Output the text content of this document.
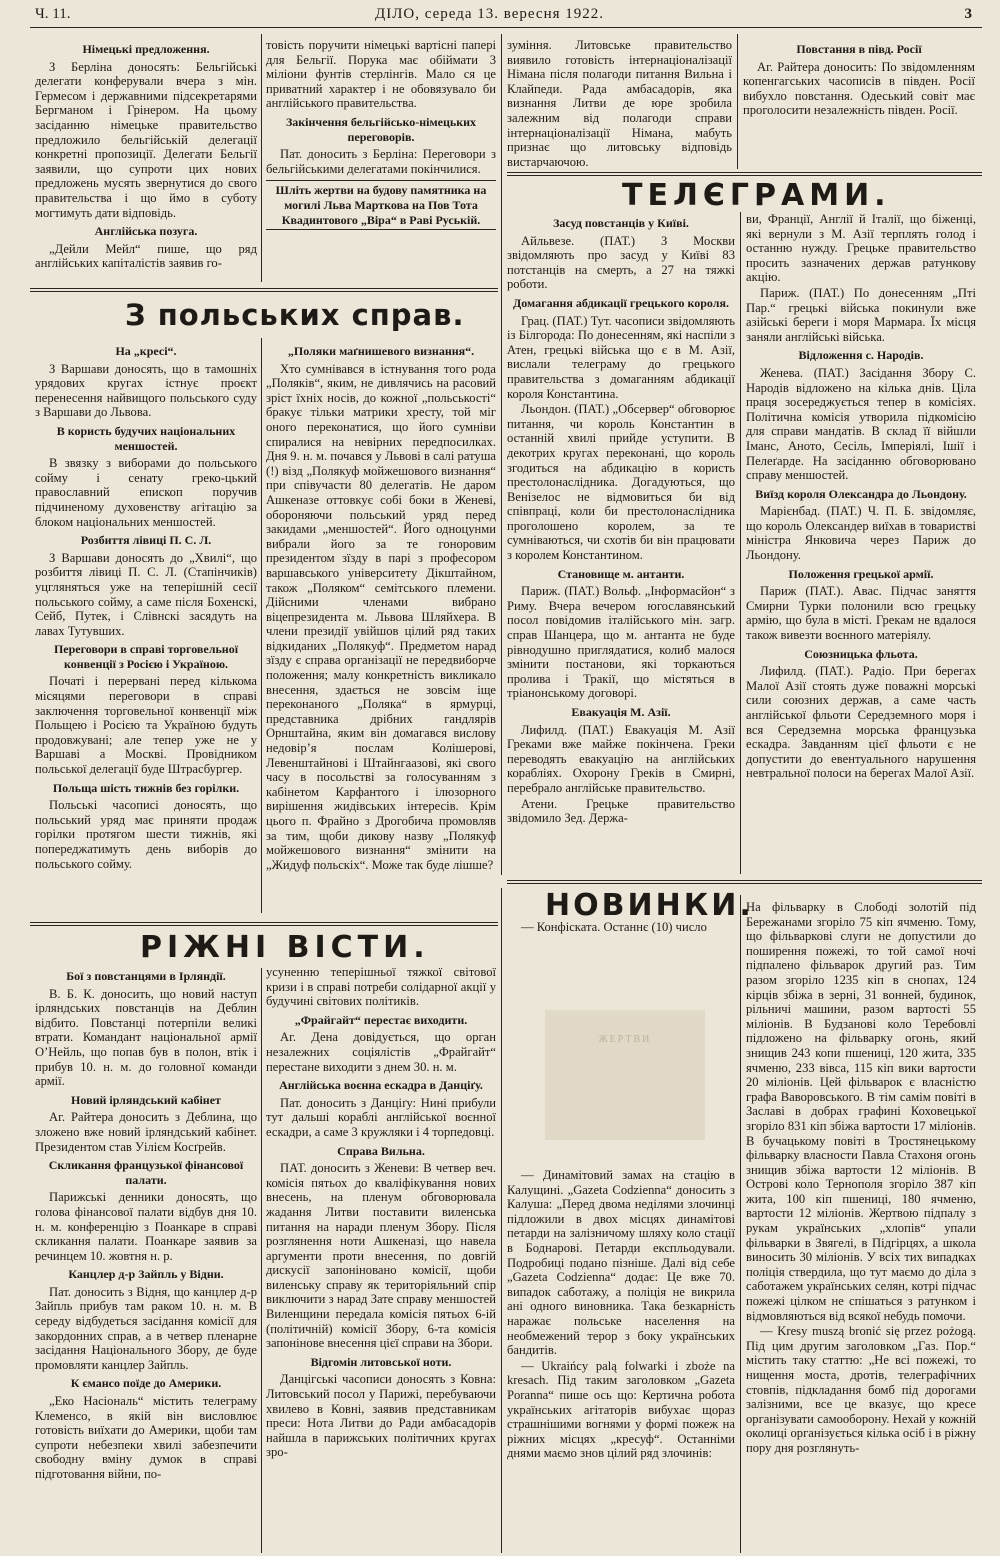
Ч. 11.	ДІЛО, середа 13. вересня 1922.	3
Німецькі предложення.

З Берліна доносять: Бельгійські делегати конферували вчера з мін. Гермесом і державними підсекретарями Бергманом і Грінером. На цьому засіданню німецьке правительство предложило бельгійській делегації конкретні пропозиції. Делегати Бельгії заявили, що супроти цих нових предложень мусять звернутися до свого правительства і що ймо в суботу могтимуть дати відповідь.

Англійська позуга.

„Дейли Мейл“ пише, що ряд англійських капіталістів заявив го-

товість поручити німецькі вартісні папері для Бельгії. Порука має обіймати 3 міліони фунтів стерлінгів. Мало ся це приватний характер і не обовязувало би англійського правительства.

Закінчення бельгійсько-німецьких переговорів.

Пат. доносить з Берліна: Переговори з бельгійськими делегатами покінчилися.

Шліть жертви на будову памятника на могилі Льва Марткова на Пов Тота Квадинтового „Віра“ в Раві Руській.

зуміння. Литовське правительство виявило готовість інтернаціоналізації Німана після полагоди питання Вильна і Клайпеди. Рада амбасадорів, яка визнання Литви де юре зробила залежним від полагоди справи інтернаціоналізації Німана, мабуть признає що литовську відповідь вистарчаючою.

Повстання в півд. Росії

Аг. Райтера доносить: По звідомленням копенгагських часописів в півден. Росії вибухло повстання. Одеський совіт має проголосити незалежність півден. Росії.

З польських справ.
На „кресі“.

З Варшави доносять, що в тамошніх урядових кругах істнує проєкт перенесення найвищого польського суду з Варшави до Львова.

В користь будучих національних меншостей.

В звязку з виборами до польського сойму і сенату греко-цький православний епископ поручив підчиненому духовенству агітацію за блоком національних меншостей.

Розбиття лівиці П. С. Л.

З Варшави доносять до „Хвилі“, що розбиття лівиці П. С. Л. (Стапінчиків) уцгляняться уже на теперішній сесії польського сойму, а саме після Бохенскі, Сейб, Путек, і Слівнскі засядуть на лавах Тутувших.

Переговори в справі торговельної конвенції з Росією і Україною.

Початі і перервані перед кількома місяцями переговори в справі заключення торговельної конвенції між Польщею і Росією та Україною будуть продовжувані; але тепер уже не у Варшаві а Москві. Провідником польської делегації буде Штрасбургер.

Польща шість тижнів без горілки.

Польські часописі доносять, що польський уряд має приняти продаж горілки протягом шести тижнів, які попереджатимуть день виборів до польського сойму.

„Поляки маґнишевого визнання“.

Хто сумнівався в істнування того рода „Поляків“, яким, не дивлячись на расовий зріст їхніх носів, до кожної „польськості“ бракує тільки матрики хресту, той міг оного переконатися, що його сумніви спиралися на невірних передпосилках. Дня 9. н. м. почався у Львові в салі ратуша (!) візд „Полякуф мойжешового визнання“ при співучасти 80 делегатів. Не даром Ашкеназе оттовкує собі боки в Женеві, обороняючи польський уряд перед закидами „меншостей“. Його одноцунми вибрали його за те гоноровим президентом зїзду в парі з професором варшавського університету Дікштайном, також „Поляком“ семітського племени. Дійсними членами вибрано віцепрезидента м. Львова Шляйхера. В члени президії увійшов цілий ряд таких відкиданих „Полякуф“. Предметом нарад зїзду є справа організації не передвиборче положення; малу конкретність викликало внесення, здається не зовсім іще переконаного „Поляка“ в ярмурці, представника дрібних гандлярів Орнштайна, яким він домагався вислову недовір’я послам Колішерові, Левенштайнові і Штайнгаазові, які свого часу в посольстві за голосуванням з кабінетом Карфантого і ілюзорного вирішення жидівських інтересів. Крім цього п. Фрайно з Дрогобича промовляв за тим, щоби дикову назву „Полякуф мойжешового визнання“ змінити на „Жидуф польскіх“. Може так буде лішше?

ТЕЛЄГРАМИ.
Засуд повстанців у Київі.

Айльвезе. (ПАТ.) З Москви звідомляють про засуд у Київі 83 потстанців на смерть, а 27 на тяжкі роботи.

Домагання абдикації грецького короля.

Грац. (ПАТ.) Тут. часописи звідомляють із Білгорода: По донесенням, які наспіли з Атен, грецькі війська що є в М. Азії, вислали телеграму до грецького правительства з домаганням абдикації короля Константина.

Льондон. (ПАТ.) „Обсервер“ обговорює питання, чи король Константин в останній хвилі прийде уступити. В декотрих кругах переконані, що король згодиться на абдикацію в користь престолонаслідника. Догадуються, що Венізелос не відмовиться би від співпраці, коли би престолонаслідника проголошено королем, за те сумніваються, чи схотів би він працювати з королем Константином.

Становище м. антанти.

Париж. (ПАТ.) Вольф. „Інформасйон“ з Риму. Вчера вечером югославянський посол повідомив італійського мін. загр. справ Шанцера, що м. антанта не буде рівнодушно приглядатися, колиб малося змінити постанови, які торкаються пролива і Тракії, що містяться в тріанонському договорі.

Евакуація М. Азії.

Лифилд. (ПАТ.) Евакуація М. Азії Греками вже майже покінчена. Греки переводять евакуацію на англійських корабліях. Охорону Греків в Смирні, перебрало англійське правительство.

Атени. Грецьке правительство звідомило Зед. Держа-

ви, Франції, Англії й Італії, що біженці, які вернули з М. Азії терплять голод і останню нужду. Грецьке правительство просить зазначених держав ратункову акцію.

Париж. (ПАТ.) По донесенням „Пті Пар.“ грецькі війська покинули вже азійські береги і моря Мармара. Їх місця заняли англійські війська.

Відложення с. Народів.

Женева. (ПАТ.) Засідання Збору С. Народів відложено на кілька днів. Ціла праця зосереджується тепер в комісіях. Політична комісія утворила підкомісію для справи мандатів. В склад її війшли Іманс, Аното, Сесіль, Імперіялі, Ішії і Пелеґарде. На засіданню обговорювано справу меншостей.

Виїзд короля Олександра до Льондону.

Марієнбад. (ПАТ.) Ч. П. Б. звідомляє, що король Олександер виїхав в товаристві міністра Янковича через Париж до Льондону.

Положення грецької армії.

Париж (ПАТ.). Авас. Підчас заняття Смирни Турки полонили всю грецьку армію, що була в місті. Грекам не вдалося також вивезти воєнного матеріялу.

Союзницька фльота.

Лифилд. (ПАТ.). Радіо. При берегах Малої Азії стоять дуже поважні морські сили союзних держав, а саме часть англійської фльоти Середземного моря і вся Середземна морська французька ескадра. Завданням цієї фльоти є не допустити до евентуального нарушення невтральної полоси на берегах Малої Азії.

РІЖНІ ВІСТИ.
Бої з повстанцями в Ірляндії.

В. Б. К. доносить, що новий наступ ірляндських повстанців на Деблин відбито. Повстанці потерпіли великі втрати. Командант національної армії О’Нейль, що попав був в полон, втік і прибув 10. н. м. до головної команди армії.

Новий ірляндський кабінет

Аг. Райтера доносить з Деблина, що зложено вже новий ірляндський кабінет. Президентом став Уілієм Косґрейв.

Скликання французької фінансової палати.

Парижські денники доносять, що голова фінансової палати відбув дня 10. н. м. конференцію з Поанкаре в справі скликання палати. Поанкаре заявив за речинцем 10. жовтня н. р.

Канцлер д-р Зайпль у Відни.

Пат. доносить з Відня, що канцлер д-р Зайпль прибув там раком 10. н. м. В середу відбудеться засідання комісії для закордонних справ, а в четвер пленарне засідання Національного Збору, де буде промовляти канцлер Зайпль.

К ємансо поїде до Америки.

„Еко Насіональ“ містить телеграму Клеменсо, в якій він висловлює готовість виїхати до Америки, щоби там супроти небезпеки хвилі забезпечити свободну вміну думок в справі підготовання війни, по-

усуненню теперішньої тяжкої світової кризи і в справі потреби солідарної акції у будучині світових політиків.

„Фрайгайт“ перестає виходити.

Аг. Дена довідується, що орган незалежних соціялістів „Фрайгайт“ перестане виходити з днем 30. н. м.

Англійська воєнна ескадра в Данціґу.

Пат. доносить з Данціґу: Нині прибули тут дальші кораблі англійської воєнної ескадри, а саме 3 кружляки і 4 торпедовці.

Справа Вильна.

ПАТ. доносить з Женеви: В четвер веч. комісія пятьох до кваліфікування нових внесень, на пленум обговорювала жадання Литви поставити виленська питання на наради пленум Збору. Після розглянення ноти Ашкеназі, що навела аргументи проти внесення, по довгій дискусії запоніновано комісії, щоби виленську справу як територіяльний спір виключити з нарад Зате справу меншостей Виленщини передала комісія пятьох 6-ій (політичній) комісії Збору, 6-та комісія запонінове внесення цієї справи на Збори.

Відгомін литовської ноти.

Данцігські часописи доносять з Ковна: Литовський посол у Парижі, перебуваючи хвилево в Ковні, заявив представникам преси: Нота Литви до Ради амбасадорів найшла в парижських політичних кругах зро-

НОВИНКИ.

— Конфіската. Останнє (10) число

ЖЕРТВИ

— Динамітовий замах на стацію в Калущині. „Gazeta Codzienna“ доносить з Калуша: „Перед двома неділями злочинці підложили в двох місцях динамітові петарди на залізничому шляху коло стації в Боднарові. Петарди експльодували. Подробиці подано пізніше. Далі від себе „Gazeta Codzienna“ додає: Це вже 70. випадок саботажу, а поліція не викрила ані одного виновника. Така безкарність наражає польське населення на необмежений терор з боку українських бандитів.

— Ukraińcy palą folwarki i zboże na kresach. Під таким заголовком „Gazeta Poranna“ пише ось що: Кертична робота українських агітаторів вибухає щораз страшнішими вогнями у формі пожеж на ріжних місцях „кресуф“. Останніми днями маємо знов цілий ряд злочинів:

На фільварку в Слободі золотій під Бережанами згоріло 75 кіп ячменю. Тому, що фільваркові слуги не допустили до поширення пожежі, то той самої ночі підпалено фільварок другий раз. Тим разом згоріло 1235 кіп в снопах, 124 кірців збіжа в зерні, 31 вонней, будинок, рільничі машини, разом вартості 55 міліонів. В Будзанові коло Теребовлі підложено на фільварку огонь, який знищив 243 копи пшениці, 120 жита, 335 ячменю, 233 вівса, 115 кіп вики вартости 20 міліонів. Цей фільварок є власністю графа Ваворовського. В тім самім повіті в Заславі в добрах графині Коховецької згоріло 831 кіп збіжа вартости 17 міліонів. В бучацькому повіті в Тростянецькому фільварку власности Павла Стахоня огонь знищив збіжа вартости 12 міліонів. В Острові коло Тернополя згоріло 387 кіп жита, 100 кіп пшениці, 180 ячменю, вартости 12 міліонів. Жертвою підпалу з рукам українських „хлопів“ упали фільварки в Звягелі, в Підгірцях, а школа виносить 30 міліонів. У всіх тих випадках поліція ствердила, що тут маємо до діла з саботажем українських селян, котрі підчас пожежі цілком не спішаться з ратунком і відмовляються від всякої небудь помочи.

— Kresy muszą bronić się przez pożogą. Під цим другим заголовком „Газ. Пор.“ містить таку статтю: „Не всі пожежі, то нищення моста, дротів, телеграфічних стовпів, підкладання бомб під дорогами залізними, все це вказує, що кресе організувати самооборону. Нехай у кожній околиці організується кілька осіб і в ріжну пору дня розглянуть-
